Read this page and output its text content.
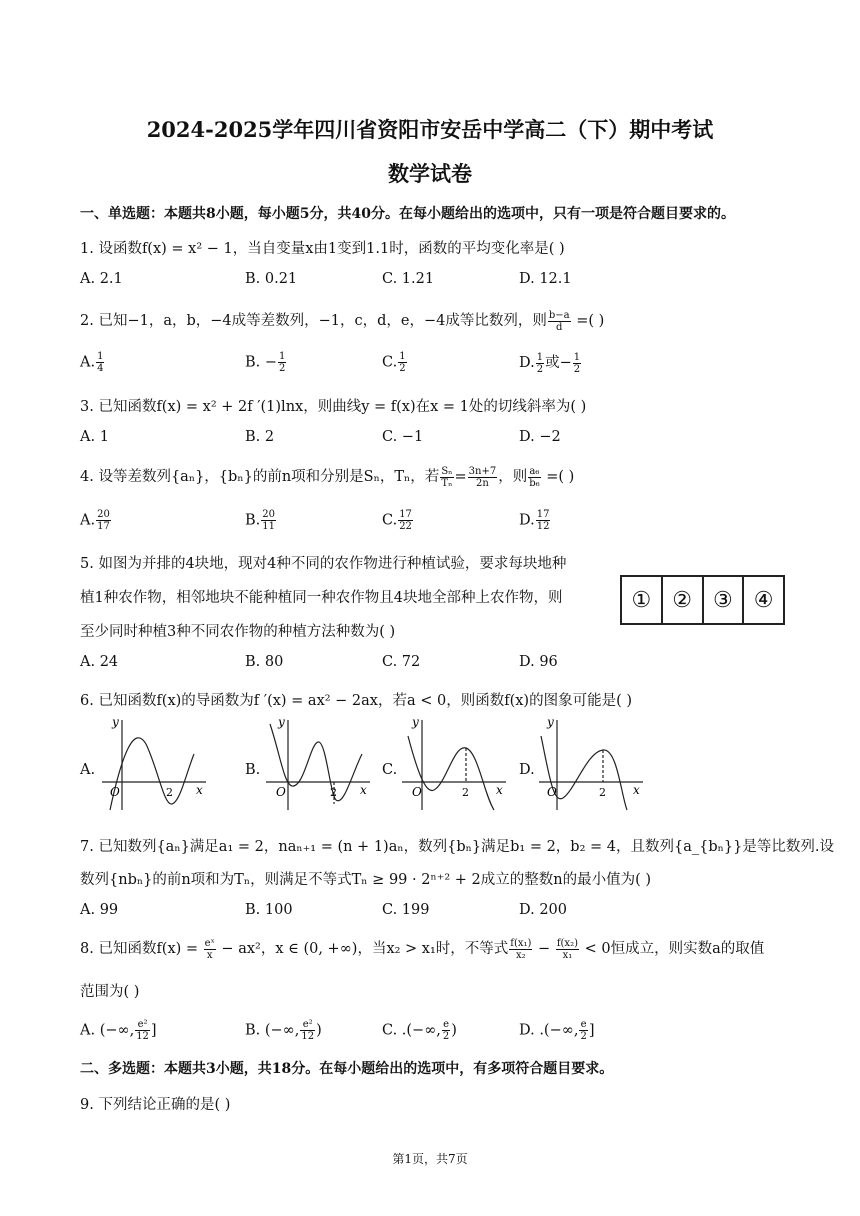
2024-2025学年四川省资阳市安岳中学高二（下）期中考试
数学试卷
一、单选题：本题共8小题，每小题5分，共40分。在每小题给出的选项中，只有一项是符合题目要求的。
1. 设函数f(x) = x² − 1，当自变量x由1变到1.1时，函数的平均变化率是( )
A. 2.1	B. 0.21	C. 1.21	D. 12.1
2. 已知−1，a，b，−4成等差数列，−1，c，d，e，−4成等比数列，则 $\frac{b-a}{d}$ =( )
A. $\frac{1}{4}$	B. − $\frac{1}{2}$	C. $\frac{1}{2}$	D. $\frac{1}{2}$ 或− $\frac{1}{2}$
3. 已知函数f(x) = x² + 2f ′(1)lnx，则曲线y = f(x)在x = 1处的切线斜率为( )
A. 1	B. 2	C. −1	D. −2
4. 设等差数列{aₙ}，{bₙ}的前n项和分别是Sₙ，Tₙ，若 $\frac{\text{Sₙ}}{\text{Tₙ}} = \frac{3n+7}{2n}$ ，则 $\frac{\text{a₆}}{\text{b₆}}$ =( )
A. $\frac{20}{17}$	B. $\frac{20}{11}$	C. $\frac{17}{22}$	D. $\frac{17}{12}$
5. 如图为并排的4块地，现对4种不同的农作物进行种植试验，要求每块地种
植1种农作物，相邻地块不能种植同一种农作物且4块地全部种上农作物，则
至少同时种植3种不同农作物的种植方法种数为( )
① ② ③ ④
A. 24	B. 80	C. 72	D. 96
6. 已知函数f(x)的导函数为f ′(x) = ax² − 2ax，若a < 0，则函数f(x)的图象可能是( )
A.	B.	C.	D.
y
x
O	2
y
x
O	2
y
x
O	2
y
x
O	2
7. 已知数列{aₙ}满足a₁ = 2，naₙ₊₁ = (n + 1)aₙ，数列{bₙ}满足b₁ = 2，b₂ = 4，且数列{a_{bₙ}}是等比数列.设
数列{nbₙ}的前n项和为Tₙ，则满足不等式Tₙ ≥ 99 · 2ⁿ⁺² + 2成立的整数n的最小值为( )
A. 99	B. 100	C. 199	D. 200
8. 已知函数$f(x) = \frac{\text{eˣ}}{x} - ax^2$，x ∈ (0, +∞)，当x₂ > x₁时，不等式 $\frac{\text{f(x₁)}}{\text{x₂}} - \frac{\text{f(x₂)}}{\text{x₁}} < 0$恒成立，则实数a的取值
范围为( )
A. (−∞, $\frac{\text{e²}}{12}$ ]	B. (−∞, $\frac{\text{e²}}{12}$ )	C. .(−∞, $\frac{e}{2}$ )	D. .(−∞, $\frac{e}{2}$ ]
二、多选题：本题共3小题，共18分。在每小题给出的选项中，有多项符合题目要求。
9. 下列结论正确的是( )
第1页，共7页
